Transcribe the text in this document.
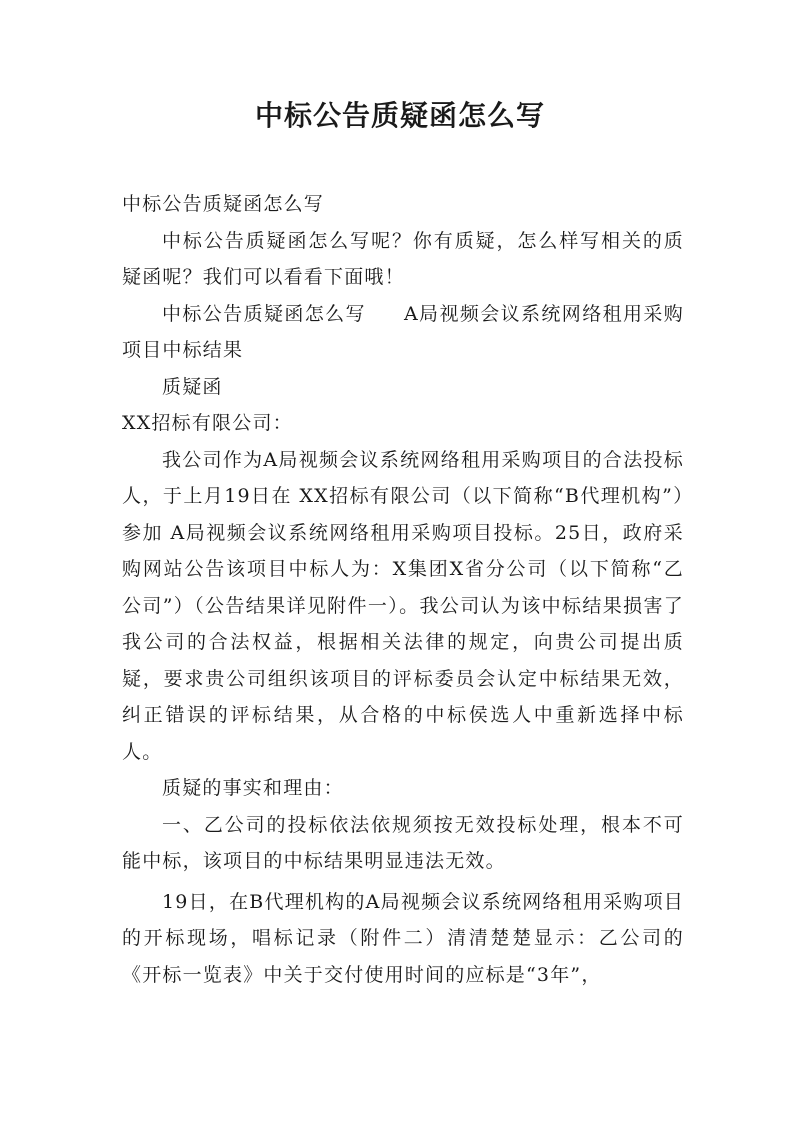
中标公告质疑函怎么写

中标公告质疑函怎么写

中标公告质疑函怎么写呢？你有质疑，怎么样写相关的质疑函呢？我们可以看看下面哦！

中标公告质疑函怎么写 A局视频会议系统网络租用采购项目中标结果

质疑函

XX招标有限公司：

我公司作为A局视频会议系统网络租用采购项目的合法投标人，于上月19日在 XX招标有限公司（以下简称“B代理机构”）参加 A局视频会议系统网络租用采购项目投标。25日，政府采购网站公告该项目中标人为：X集团X省分公司（以下简称“乙公司”）（公告结果详见附件一）。我公司认为该中标结果损害了我公司的合法权益，根据相关法律的规定，向贵公司提出质疑，要求贵公司组织该项目的评标委员会认定中标结果无效，纠正错误的评标结果，从合格的中标侯选人中重新选择中标人。

质疑的事实和理由：

一、乙公司的投标依法依规须按无效投标处理，根本不可能中标，该项目的中标结果明显违法无效。

19日，在B代理机构的A局视频会议系统网络租用采购项目的开标现场，唱标记录（附件二）清清楚楚显示：乙公司的《开标一览表》中关于交付使用时间的应标是“3年”，
